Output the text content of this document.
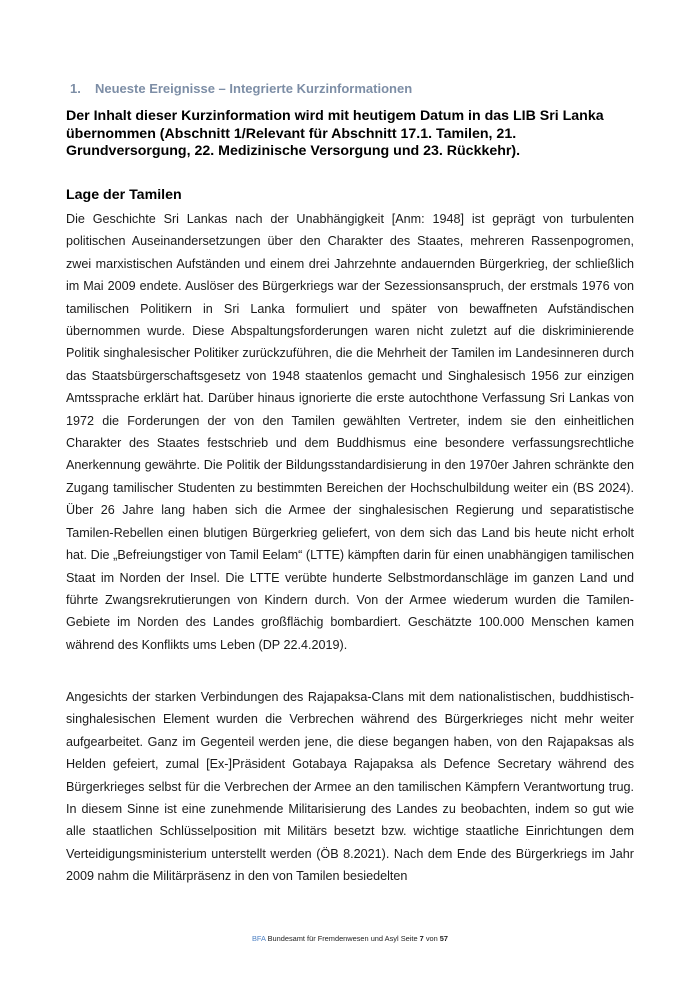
1. Neueste Ereignisse – Integrierte Kurzinformationen
Der Inhalt dieser Kurzinformation wird mit heutigem Datum in das LIB Sri Lanka übernommen (Abschnitt 1/Relevant für Abschnitt 17.1. Tamilen, 21. Grundversorgung, 22. Medizinische Versorgung und 23. Rückkehr).
Lage der Tamilen

Die Geschichte Sri Lankas nach der Unabhängigkeit [Anm: 1948] ist geprägt von turbulenten politischen Auseinandersetzungen über den Charakter des Staates, mehreren Rassenpogromen, zwei marxistischen Aufständen und einem drei Jahrzehnte andauernden Bürgerkrieg, der schließlich im Mai 2009 endete. Auslöser des Bürgerkriegs war der Sezessionsanspruch, der erstmals 1976 von tamilischen Politikern in Sri Lanka formuliert und später von bewaffneten Aufständischen übernommen wurde. Diese Abspaltungsforderungen waren nicht zuletzt auf die diskriminierende Politik singhalesischer Politiker zurückzuführen, die die Mehrheit der Tamilen im Landesinneren durch das Staatsbürgerschaftsgesetz von 1948 staatenlos gemacht und Singhalesisch 1956 zur einzigen Amtssprache erklärt hat. Darüber hinaus ignorierte die erste autochthone Verfassung Sri Lankas von 1972 die Forderungen der von den Tamilen gewählten Vertreter, indem sie den einheitlichen Charakter des Staates festschrieb und dem Buddhismus eine besondere verfassungsrechtliche Anerkennung gewährte. Die Politik der Bildungsstandardisierung in den 1970er Jahren schränkte den Zugang tamilischer Studenten zu bestimmten Bereichen der Hochschulbildung weiter ein (BS 2024). Über 26 Jahre lang haben sich die Armee der singhalesischen Regierung und separatistische Tamilen-Rebellen einen blutigen Bürgerkrieg geliefert, von dem sich das Land bis heute nicht erholt hat. Die „Befreiungstiger von Tamil Eelam“ (LTTE) kämpften darin für einen unabhängigen tamilischen Staat im Norden der Insel. Die LTTE verübte hunderte Selbstmordanschläge im ganzen Land und führte Zwangsrekrutierungen von Kindern durch. Von der Armee wiederum wurden die Tamilen-Gebiete im Norden des Landes großflächig bombardiert. Geschätzte 100.000 Menschen kamen während des Konflikts ums Leben (DP 22.4.2019).

Angesichts der starken Verbindungen des Rajapaksa-Clans mit dem nationalistischen, buddhistisch-singhalesischen Element wurden die Verbrechen während des Bürgerkrieges nicht mehr weiter aufgearbeitet. Ganz im Gegenteil werden jene, die diese begangen haben, von den Rajapaksas als Helden gefeiert, zumal [Ex-]Präsident Gotabaya Rajapaksa als Defence Secretary während des Bürgerkrieges selbst für die Verbrechen der Armee an den tamilischen Kämpfern Verantwortung trug. In diesem Sinne ist eine zunehmende Militarisierung des Landes zu beobachten, indem so gut wie alle staatlichen Schlüsselposition mit Militärs besetzt bzw. wichtige staatliche Einrichtungen dem Verteidigungsministerium unterstellt werden (ÖB 8.2021). Nach dem Ende des Bürgerkriegs im Jahr 2009 nahm die Militärpräsenz in den von Tamilen besiedelten

BFA Bundesamt für Fremdenwesen und Asyl Seite 7 von 57
